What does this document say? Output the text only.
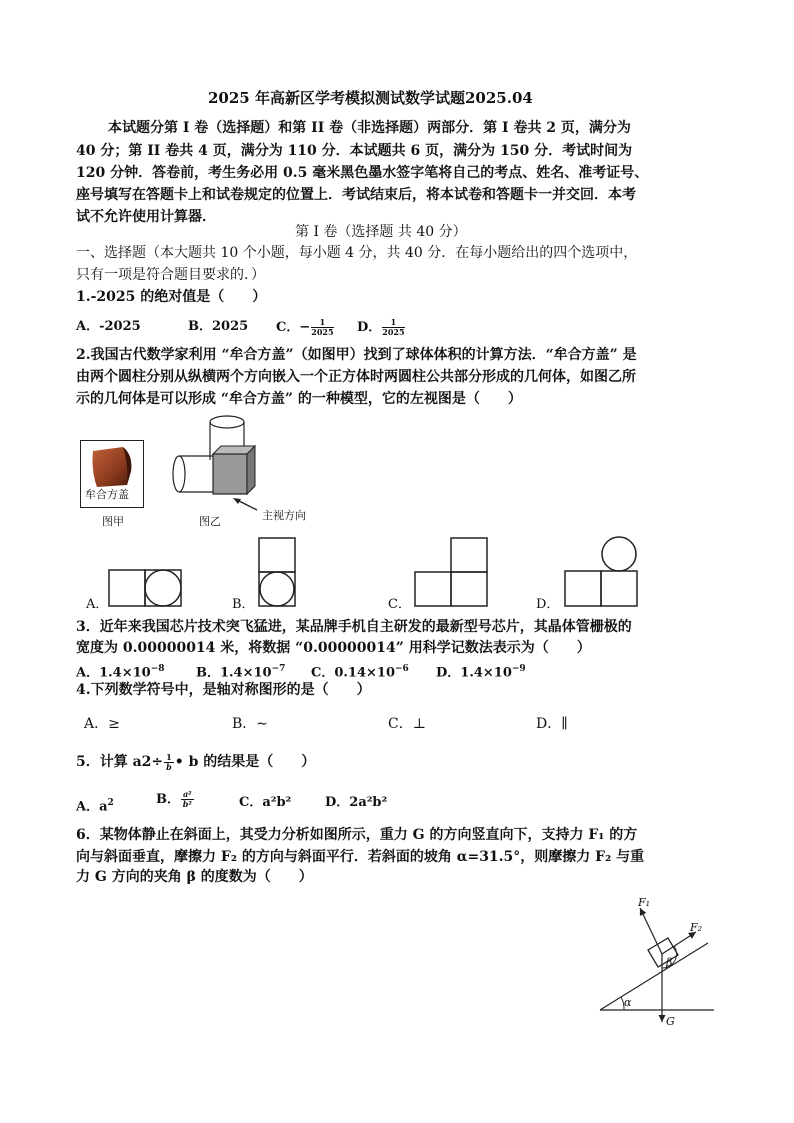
2025 年高新区学考模拟测试数学试题2025.04
本试题分第 I 卷（选择题）和第 II 卷（非选择题）两部分．第 I 卷共 2 页，满分为
40 分；第 II 卷共 4 页，满分为 110 分．本试题共 6 页，满分为 150 分．考试时间为
120 分钟．答卷前，考生务必用 0.5 毫米黑色墨水签字笔将自己的考点、姓名、准考证号、
座号填写在答题卡上和试卷规定的位置上．考试结束后，将本试卷和答题卡一并交回．本考
试不允许使用计算器．
第 I 卷（选择题 共 40 分）
一、选择题（本大题共 10 个小题，每小题 4 分，共 40 分．在每小题给出的四个选项中，
只有一项是符合题目要求的．）
1.-2025 的绝对值是（　　）
A．-2025	B．2025 C．− $\frac{1}{2025}$ D． $\frac{1}{2025}$
2.我国古代数学家利用 “牟合方盖”（如图甲）找到了球体体积的计算方法．“牟合方盖” 是
由两个圆柱分别从纵横两个方向嵌入一个正方体时两圆柱公共部分形成的几何体，如图乙所
示的几何体是可以形成 “牟合方盖” 的一种模型，它的左视图是（　　）
牟合方盖
图甲	图乙	主视方向
A．	B．	C．	D．
3．近年来我国芯片技术突飞猛进，某品牌手机自主研发的最新型号芯片，其晶体管栅极的
宽度为 0.00000014 米，将数据 “0.00000014” 用科学记数法表示为（　　）
A．$1.4\times 10^{-8}$ B．$1.4\times 10^{-7}$ C．$0.14\times 10^{-6}$ D．$1.4\times 10^{-9}$
4.下列数学符号中，是轴对称图形的是（　　）
A．≥	B．∼	C．⊥	D．∥
5．计算 $a2\div \frac{1}{b}$ • b 的结果是（　　）
A．$a^2$	B． $\frac{\text{a²}}{\text{b²}}$	C．a²b²	D．2a²b²
6．某物体静止在斜面上，其受力分析如图所示，重力 G 的方向竖直向下，支持力 F₁ 的方
向与斜面垂直，摩擦力 F₂ 的方向与斜面平行．若斜面的坡角 α=31.5°，则摩擦力 F₂ 与重
力 G 方向的夹角 β 的度数为（　　）
F₁
F₂
G
α
β
